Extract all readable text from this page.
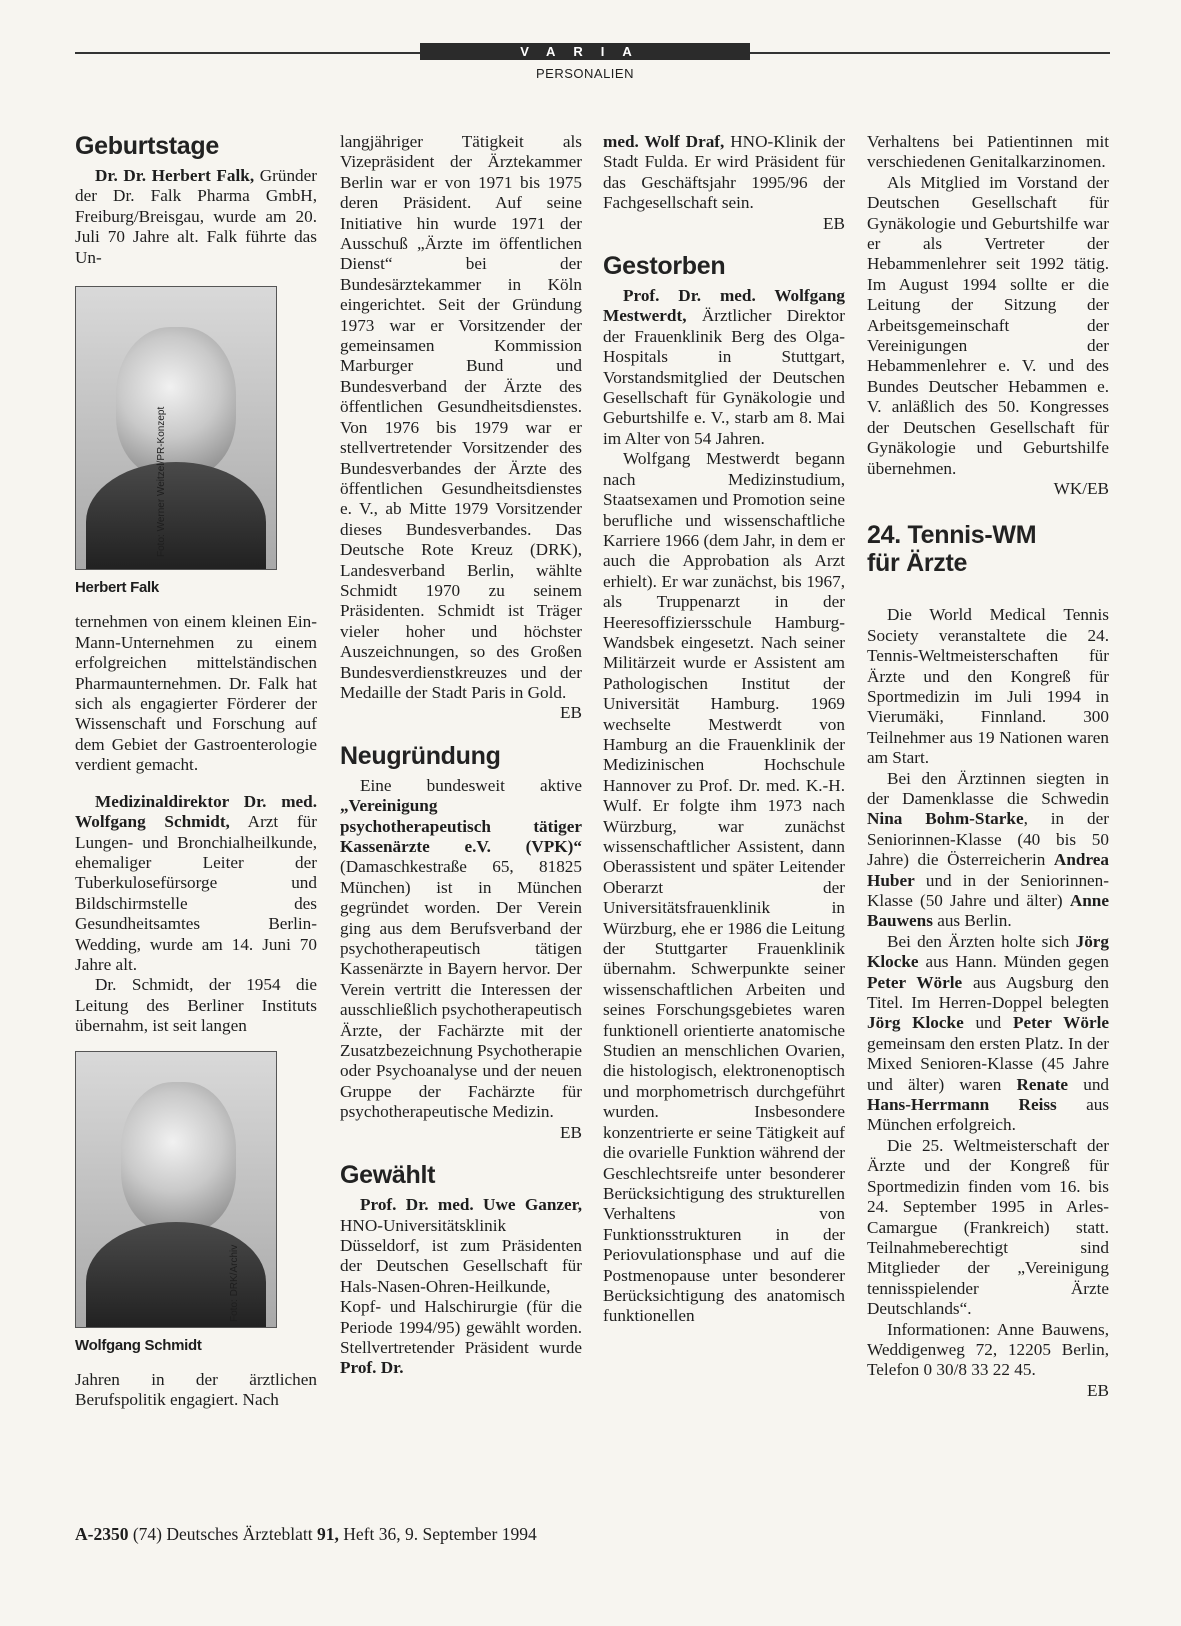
VARIA
PERSONALIEN
Geburtstage

Dr. Dr. Herbert Falk, Gründer der Dr. Falk Pharma GmbH, Freiburg/Breisgau, wurde am 20. Juli 70 Jahre alt. Falk führte das Un-

Foto: Werner Weitzel/PR-Konzept
Herbert Falk

ternehmen von einem kleinen Ein-Mann-Unternehmen zu einem erfolgreichen mittelständischen Pharmaunternehmen. Dr. Falk hat sich als engagierter Förderer der Wissenschaft und Forschung auf dem Gebiet der Gastroenterologie verdient gemacht.

Medizinaldirektor Dr. med. Wolfgang Schmidt, Arzt für Lungen- und Bronchialheilkunde, ehemaliger Leiter der Tuberkulosefürsorge und Bildschirmstelle des Gesundheitsamtes Berlin-Wedding, wurde am 14. Juni 70 Jahre alt.

Dr. Schmidt, der 1954 die Leitung des Berliner Instituts übernahm, ist seit langen

Foto: DRK/Archiv
Wolfgang Schmidt

Jahren in der ärztlichen Berufspolitik engagiert. Nach

langjähriger Tätigkeit als Vizepräsident der Ärztekammer Berlin war er von 1971 bis 1975 deren Präsident. Auf seine Initiative hin wurde 1971 der Ausschuß „Ärzte im öffentlichen Dienst“ bei der Bundesärztekammer in Köln eingerichtet. Seit der Gründung 1973 war er Vorsitzender der gemeinsamen Kommission Marburger Bund und Bundesverband der Ärzte des öffentlichen Gesundheitsdienstes. Von 1976 bis 1979 war er stellvertretender Vorsitzender des Bundesverbandes der Ärzte des öffentlichen Gesundheitsdienstes e. V., ab Mitte 1979 Vorsitzender dieses Bundesverbandes. Das Deutsche Rote Kreuz (DRK), Landesverband Berlin, wählte Schmidt 1970 zu seinem Präsidenten. Schmidt ist Träger vieler hoher und höchster Auszeichnungen, so des Großen Bundesverdienstkreuzes und der Medaille der Stadt Paris in Gold.

EB

Neugründung

Eine bundesweit aktive „Vereinigung psychotherapeutisch tätiger Kassenärzte e.V. (VPK)“ (Damaschkestraße 65, 81825 München) ist in München gegründet worden. Der Verein ging aus dem Berufsverband der psychotherapeutisch tätigen Kassenärzte in Bayern hervor. Der Verein vertritt die Interessen der ausschließlich psychotherapeutisch Ärzte, der Fachärzte mit der Zusatzbezeichnung Psychotherapie oder Psychoanalyse und der neuen Gruppe der Fachärzte für psychotherapeutische Medizin.

EB

Gewählt

Prof. Dr. med. Uwe Ganzer, HNO-Universitätsklinik Düsseldorf, ist zum Präsidenten der Deutschen Gesellschaft für Hals-Nasen-Ohren-Heilkunde, Kopf- und Halschirurgie (für die Periode 1994/95) gewählt worden. Stellvertretender Präsident wurde Prof. Dr.

med. Wolf Draf, HNO-Klinik der Stadt Fulda. Er wird Präsident für das Geschäftsjahr 1995/96 der Fachgesellschaft sein.

EB

Gestorben

Prof. Dr. med. Wolfgang Mestwerdt, Ärztlicher Direktor der Frauenklinik Berg des Olga-Hospitals in Stuttgart, Vorstandsmitglied der Deutschen Gesellschaft für Gynäkologie und Geburtshilfe e. V., starb am 8. Mai im Alter von 54 Jahren.

Wolfgang Mestwerdt begann nach Medizinstudium, Staatsexamen und Promotion seine berufliche und wissenschaftliche Karriere 1966 (dem Jahr, in dem er auch die Approbation als Arzt erhielt). Er war zunächst, bis 1967, als Truppenarzt in der Heeresoffiziersschule Hamburg-Wandsbek eingesetzt. Nach seiner Militärzeit wurde er Assistent am Pathologischen Institut der Universität Hamburg. 1969 wechselte Mestwerdt von Hamburg an die Frauenklinik der Medizinischen Hochschule Hannover zu Prof. Dr. med. K.-H. Wulf. Er folgte ihm 1973 nach Würzburg, war zunächst wissenschaftlicher Assistent, dann Oberassistent und später Leitender Oberarzt der Universitätsfrauenklinik in Würzburg, ehe er 1986 die Leitung der Stuttgarter Frauenklinik übernahm. Schwerpunkte seiner wissenschaftlichen Arbeiten und seines Forschungsgebietes waren funktionell orientierte anatomische Studien an menschlichen Ovarien, die histologisch, elektronenoptisch und morphometrisch durchgeführt wurden. Insbesondere konzentrierte er seine Tätigkeit auf die ovarielle Funktion während der Geschlechtsreife unter besonderer Berücksichtigung des strukturellen Verhaltens von Funktionsstrukturen in der Periovulationsphase und auf die Postmenopause unter besonderer Berücksichtigung des anatomisch funktionellen

Verhaltens bei Patientinnen mit verschiedenen Genitalkarzinomen.

Als Mitglied im Vorstand der Deutschen Gesellschaft für Gynäkologie und Geburtshilfe war er als Vertreter der Hebammenlehrer seit 1992 tätig. Im August 1994 sollte er die Leitung der Sitzung der Arbeitsgemeinschaft der Vereinigungen der Hebammenlehrer e. V. und des Bundes Deutscher Hebammen e. V. anläßlich des 50. Kongresses der Deutschen Gesellschaft für Gynäkologie und Geburtshilfe übernehmen.

WK/EB

24. Tennis-WM
für Ärzte

Die World Medical Tennis Society veranstaltete die 24. Tennis-Weltmeisterschaften für Ärzte und den Kongreß für Sportmedizin im Juli 1994 in Vierumäki, Finnland. 300 Teilnehmer aus 19 Nationen waren am Start.

Bei den Ärztinnen siegten in der Damenklasse die Schwedin Nina Bohm-Starke, in der Seniorinnen-Klasse (40 bis 50 Jahre) die Österreicherin Andrea Huber und in der Seniorinnen-Klasse (50 Jahre und älter) Anne Bauwens aus Berlin.

Bei den Ärzten holte sich Jörg Klocke aus Hann. Münden gegen Peter Wörle aus Augsburg den Titel. Im Herren-Doppel belegten Jörg Klocke und Peter Wörle gemeinsam den ersten Platz. In der Mixed Senioren-Klasse (45 Jahre und älter) waren Renate und Hans-Herrmann Reiss aus München erfolgreich.

Die 25. Weltmeisterschaft der Ärzte und der Kongreß für Sportmedizin finden vom 16. bis 24. September 1995 in Arles-Camargue (Frankreich) statt. Teilnahmeberechtigt sind Mitglieder der „Vereinigung tennisspielender Ärzte Deutschlands“.

Informationen: Anne Bauwens, Weddigenweg 72, 12205 Berlin, Telefon 0 30/8 33 22 45.

EB

A-2350 (74) Deutsches Ärzteblatt 91, Heft 36, 9. September 1994
